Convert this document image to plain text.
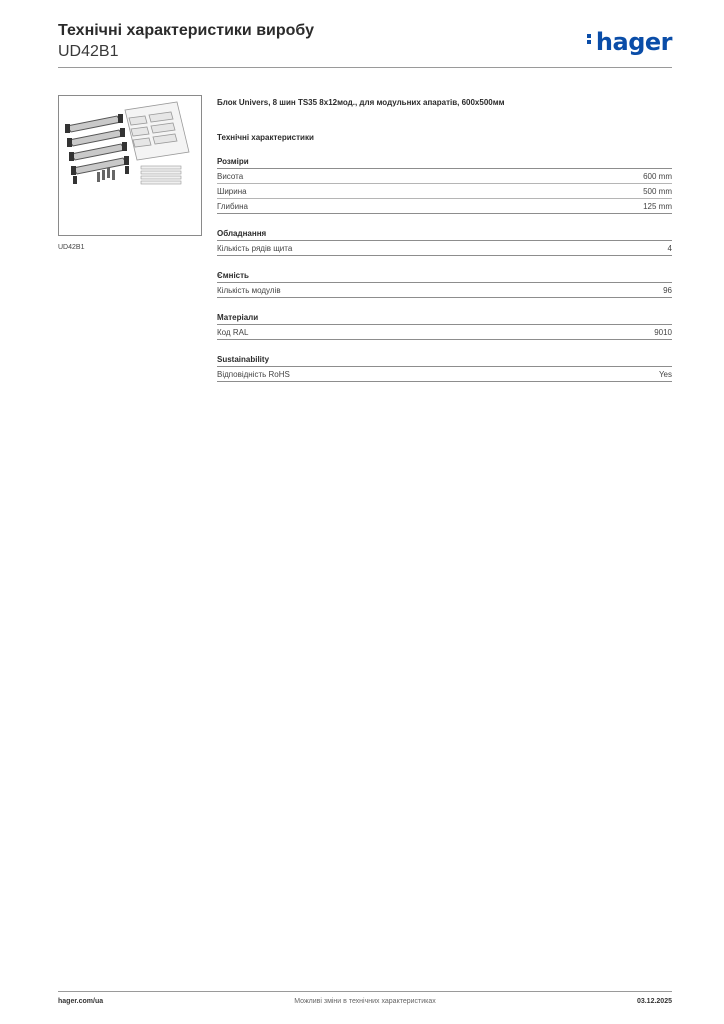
Технічні характеристики виробу
UD42B1	hager
UD42B1

Блок Univers, 8 шин TS35 8x12мод., для модульних апаратів, 600x500мм

Технічні характеристики
Розміри
Висота	600 mm
Ширина	500 mm
Глибина	125 mm
Обладнання
Кількість рядів щита	4
Ємність
Кількість модулів	96
Матеріали
Код RAL	9010
Sustainability
Відповідність RoHS	Yes
hager.com/ua	Можливі зміни в технічних характеристиках	03.12.2025
